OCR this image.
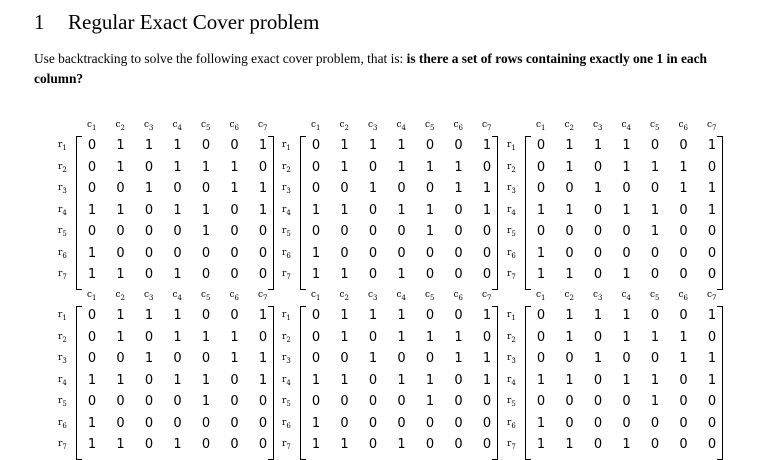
1 Regular Exact Cover problem
Use backtracking to solve the following exact cover problem, that is: is there a set of rows containing exactly one 1 in each column?
$c_1$ $c_2$ $c_3$ $c_4$ $c_5$ $c_6$ $c_7$
$r_1$
$r_2$
$r_3$
$r_4$
$r_5$
$r_6$
$r_7$
0 1 1 1 0 0 1
0 1 0 1 1 1 0
0 0 1 0 0 1 1
1 1 0 1 1 0 1
0 0 0 0 1 0 0
1 0 0 0 0 0 0
1 1 0 1 0 0 0
$c_1$ $c_2$ $c_3$ $c_4$ $c_5$ $c_6$ $c_7$
$r_1$
$r_2$
$r_3$
$r_4$
$r_5$
$r_6$
$r_7$
0 1 1 1 0 0 1
0 1 0 1 1 1 0
0 0 1 0 0 1 1
1 1 0 1 1 0 1
0 0 0 0 1 0 0
1 0 0 0 0 0 0
1 1 0 1 0 0 0
$c_1$ $c_2$ $c_3$ $c_4$ $c_5$ $c_6$ $c_7$
$r_1$
$r_2$
$r_3$
$r_4$
$r_5$
$r_6$
$r_7$
0 1 1 1 0 0 1
0 1 0 1 1 1 0
0 0 1 0 0 1 1
1 1 0 1 1 0 1
0 0 0 0 1 0 0
1 0 0 0 0 0 0
1 1 0 1 0 0 0
$c_1$ $c_2$ $c_3$ $c_4$ $c_5$ $c_6$ $c_7$
$r_1$
$r_2$
$r_3$
$r_4$
$r_5$
$r_6$
$r_7$
0 1 1 1 0 0 1
0 1 0 1 1 1 0
0 0 1 0 0 1 1
1 1 0 1 1 0 1
0 0 0 0 1 0 0
1 0 0 0 0 0 0
1 1 0 1 0 0 0
$c_1$ $c_2$ $c_3$ $c_4$ $c_5$ $c_6$ $c_7$
$r_1$
$r_2$
$r_3$
$r_4$
$r_5$
$r_6$
$r_7$
0 1 1 1 0 0 1
0 1 0 1 1 1 0
0 0 1 0 0 1 1
1 1 0 1 1 0 1
0 0 0 0 1 0 0
1 0 0 0 0 0 0
1 1 0 1 0 0 0
$c_1$ $c_2$ $c_3$ $c_4$ $c_5$ $c_6$ $c_7$
$r_1$
$r_2$
$r_3$
$r_4$
$r_5$
$r_6$
$r_7$
0 1 1 1 0 0 1
0 1 0 1 1 1 0
0 0 1 0 0 1 1
1 1 0 1 1 0 1
0 0 0 0 1 0 0
1 0 0 0 0 0 0
1 1 0 1 0 0 0
